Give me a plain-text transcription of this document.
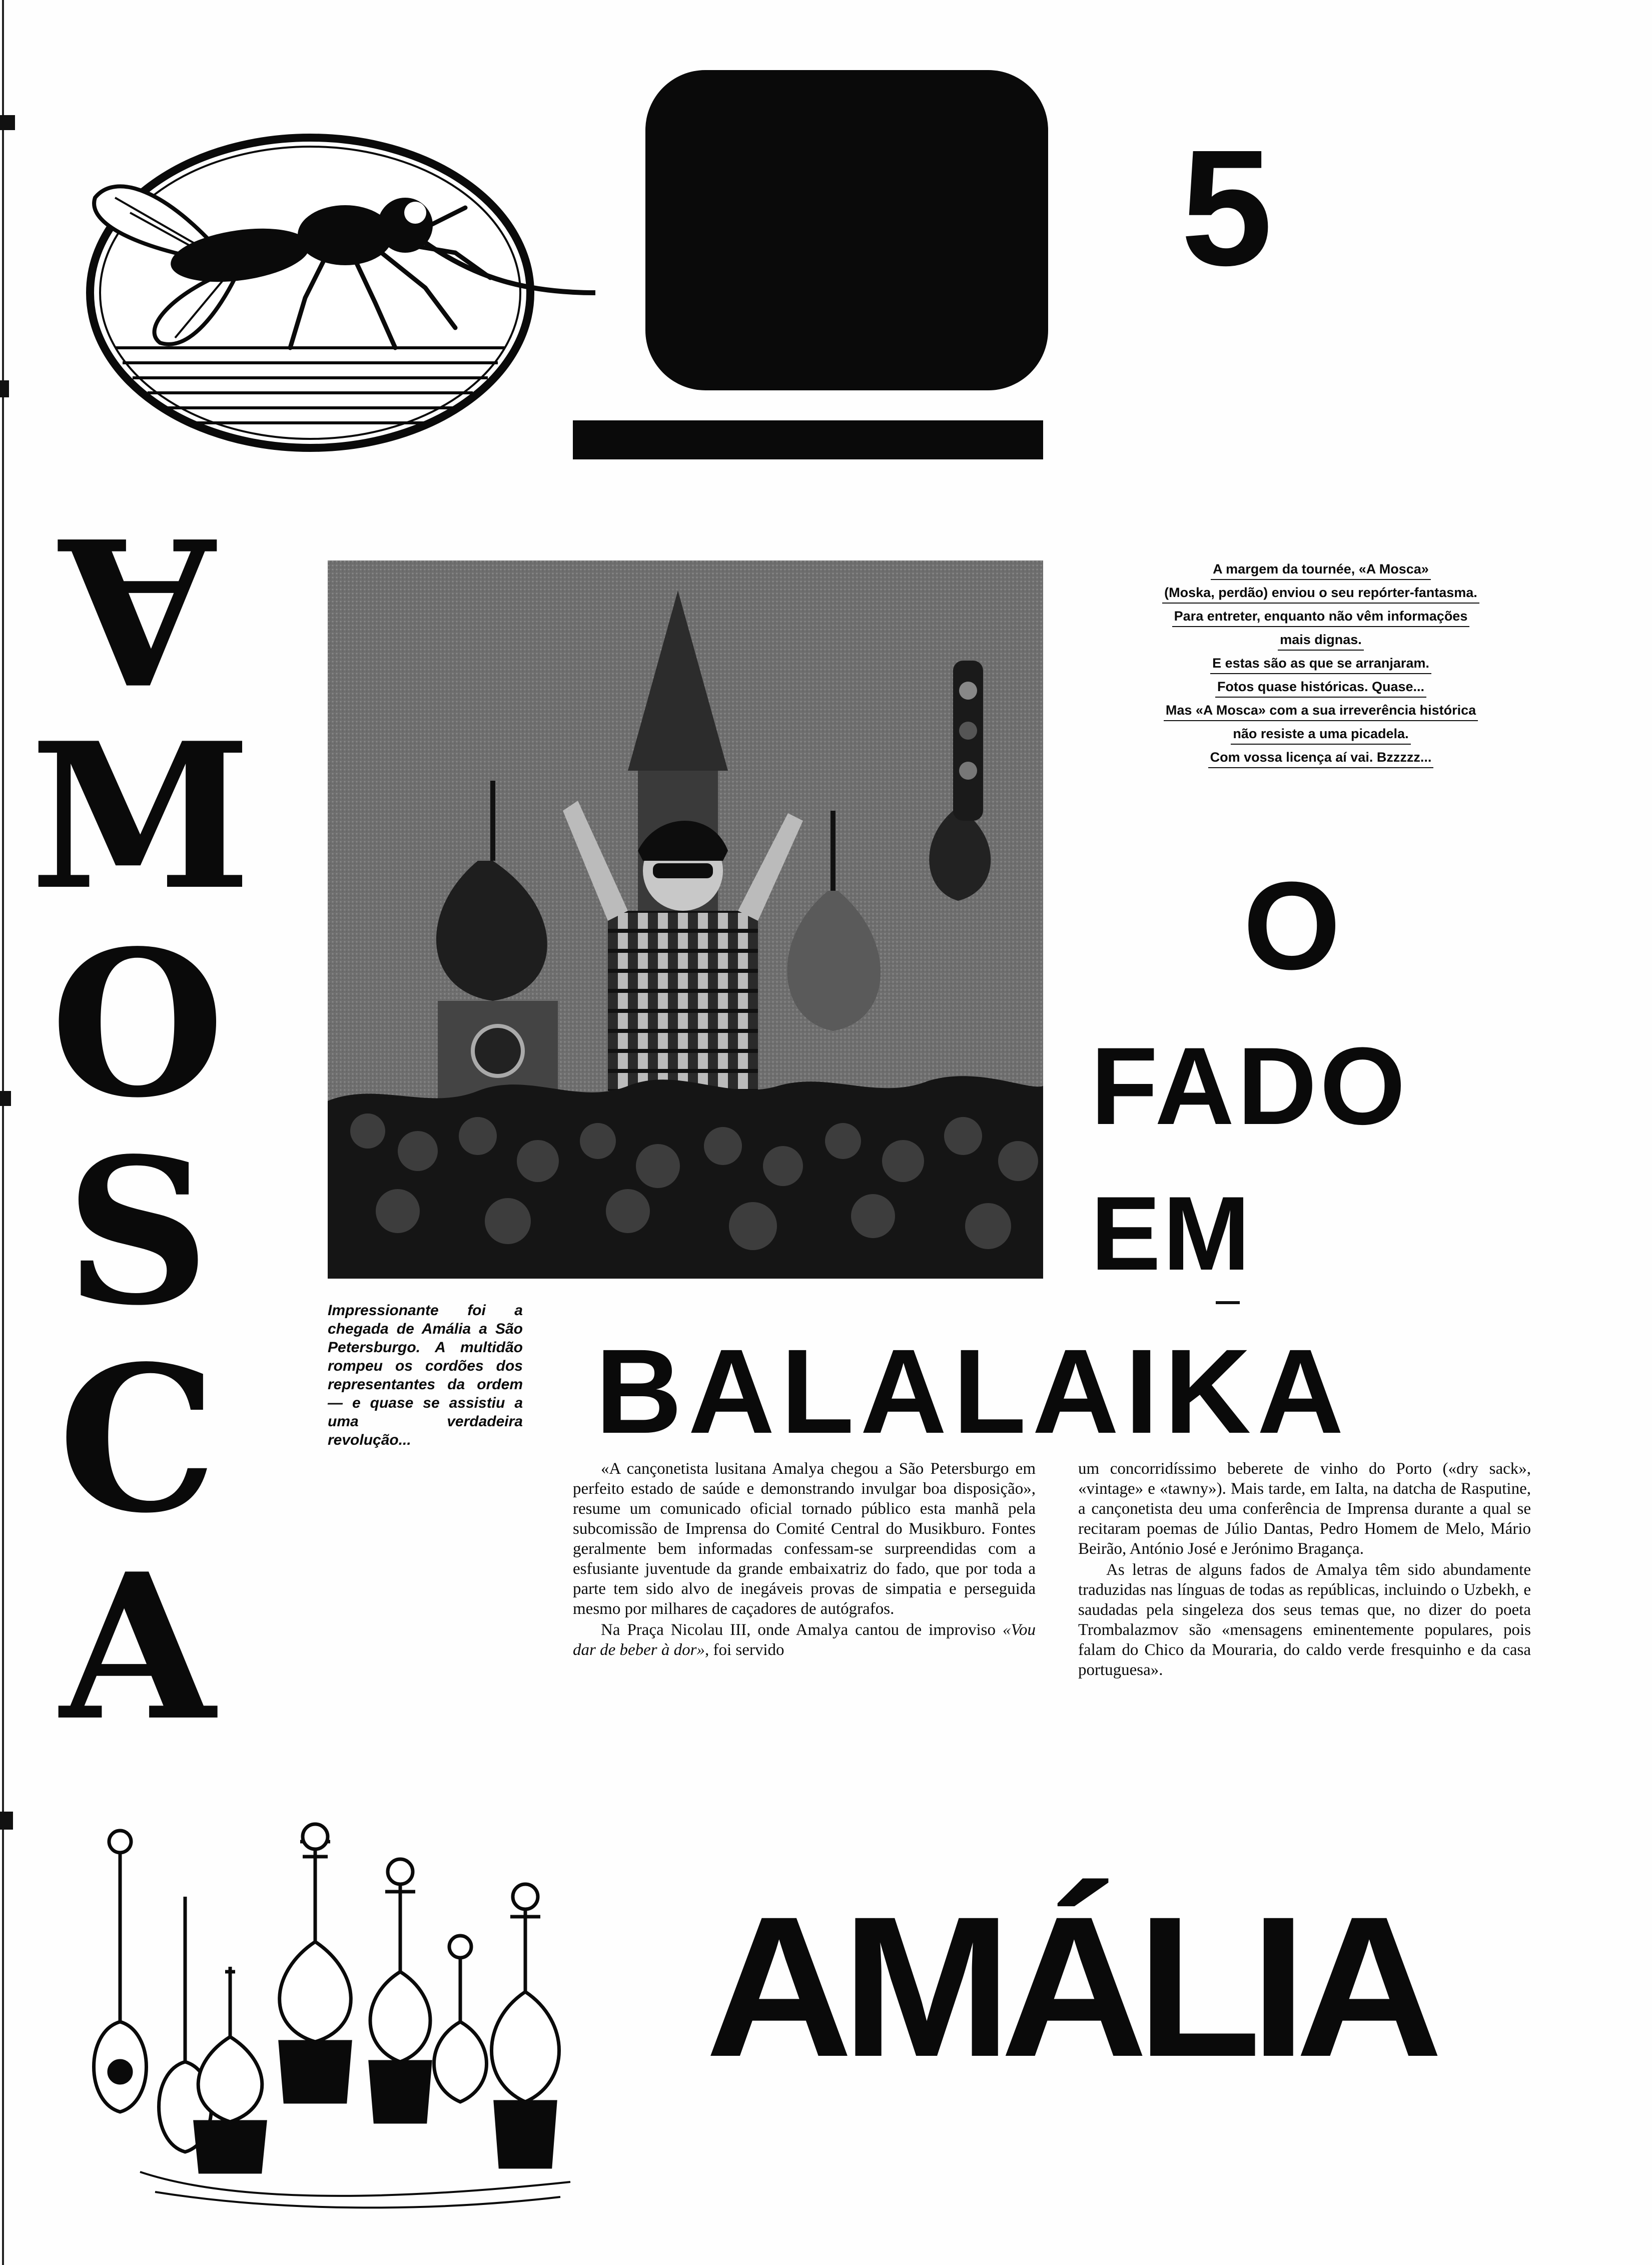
5
A
M
O
S
C
A
Impressionante foi a chegada de Amália a São Petersburgo. A multidão rompeu os cordões dos representantes da ordem — e quase se assistiu a uma verdadeira revolução...
A margem da tournée, «A Mosca»
(Moska, perdão) enviou o seu repórter-fantasma.
Para entreter, enquanto não vêm informações
mais dignas.
E estas são as que se arranjaram.
Fotos quase históricas. Quase...
Mas «A Mosca» com a sua irreverência histórica
não resiste a uma picadela.
Com vossa licença aí vai. Bzzzzz...
O
FADO
EM
BALALAIKA

«A cançonetista lusitana Amalya chegou a São Petersburgo em perfeito estado de saúde e demonstrando invulgar boa disposição», resume um comunicado oficial tornado público esta manhã pela subcomissão de Imprensa do Comité Central do Musikburo. Fontes geralmente bem informadas confessam-se surpreendidas com a esfusiante juventude da grande embaixatriz do fado, que por toda a parte tem sido alvo de inegáveis provas de simpatia e perseguida mesmo por milhares de caçadores de autógrafos.

Na Praça Nicolau III, onde Amalya cantou de improviso «Vou dar de beber à dor», foi servido

um concorridíssimo beberete de vinho do Porto («dry sack», «vintage» e «tawny»). Mais tarde, em Ialta, na datcha de Rasputine, a cançonetista deu uma conferência de Imprensa durante a qual se recitaram poemas de Júlio Dantas, Pedro Homem de Melo, Mário Beirão, António José e Jerónimo Bragança.

As letras de alguns fados de Amalya têm sido abundamente traduzidas nas línguas de todas as repúblicas, incluindo o Uzbekh, e saudadas pela singeleza dos seus temas que, no dizer do poeta Trombalazmov são «mensagens eminentemente populares, pois falam do Chico da Mouraria, do caldo verde fresquinho e da casa portuguesa».

AMÁLIA
